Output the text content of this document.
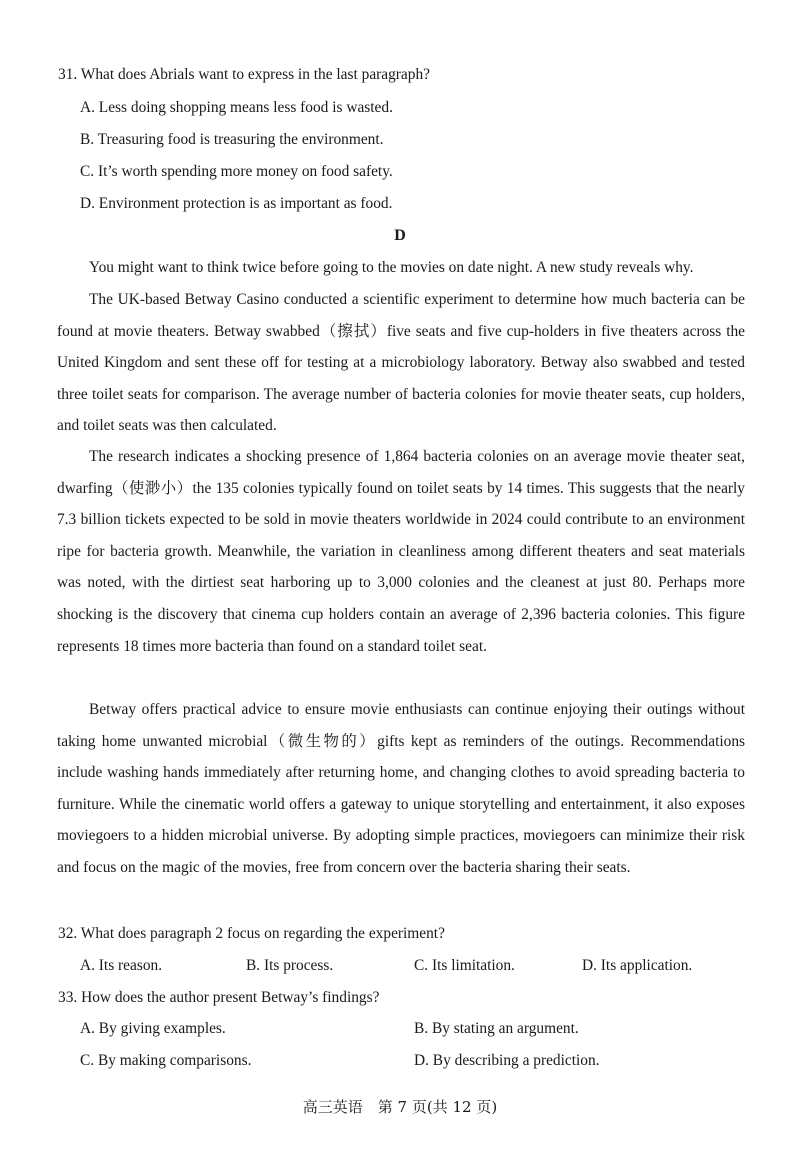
31. What does Abrials want to express in the last paragraph?
A. Less doing shopping means less food is wasted.
B. Treasuring food is treasuring the environment.
C. It’s worth spending more money on food safety.
D. Environment protection is as important as food.
D

You might want to think twice before going to the movies on date night. A new study reveals why.

The UK-based Betway Casino conducted a scientific experiment to determine how much bacteria can be found at movie theaters. Betway swabbed（擦拭）five seats and five cup-holders in five theaters across the United Kingdom and sent these off for testing at a microbiology laboratory. Betway also swabbed and tested three toilet seats for comparison. The average number of bacteria colonies for movie theater seats, cup holders, and toilet seats was then calculated.

The research indicates a shocking presence of 1,864 bacteria colonies on an average movie theater seat, dwarfing（使渺小）the 135 colonies typically found on toilet seats by 14 times. This suggests that the nearly 7.3 billion tickets expected to be sold in movie theaters worldwide in 2024 could contribute to an environment ripe for bacteria growth. Meanwhile, the variation in cleanliness among different theaters and seat materials was noted, with the dirtiest seat harboring up to 3,000 colonies and the cleanest at just 80. Perhaps more shocking is the discovery that cinema cup holders contain an average of 2,396 bacteria colonies. This figure represents 18 times more bacteria than found on a standard toilet seat.

Betway offers practical advice to ensure movie enthusiasts can continue enjoying their outings without taking home unwanted microbial（微生物的）gifts kept as reminders of the outings. Recommendations include washing hands immediately after returning home, and changing clothes to avoid spreading bacteria to furniture. While the cinematic world offers a gateway to unique storytelling and entertainment, it also exposes moviegoers to a hidden microbial universe. By adopting simple practices, moviegoers can minimize their risk and focus on the magic of the movies, free from concern over the bacteria sharing their seats.

32. What does paragraph 2 focus on regarding the experiment?
A. Its reason.	B. Its process.	C. Its limitation.	D. Its application.
33. How does the author present Betway’s findings?
A. By giving examples.	B. By stating an argument.
C. By making comparisons.	D. By describing a prediction.
高三英语　第 7 页(共 12 页)
